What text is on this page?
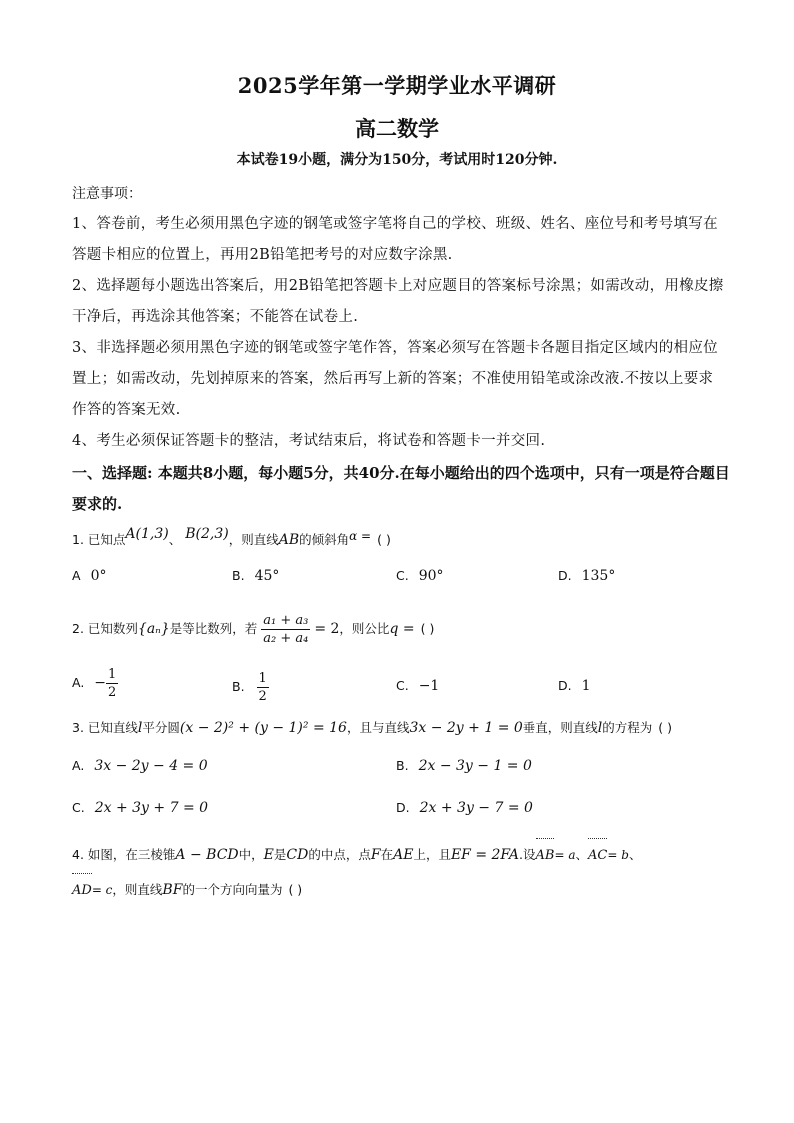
2025学年第一学期学业水平调研
高二数学
本试卷19小题，满分为150分，考试用时120分钟.
注意事项：
1、答卷前，考生必须用黑色字迹的钢笔或签字笔将自己的学校、班级、姓名、座位号和考号填写在答题卡相应的位置上，再用2B铅笔把考号的对应数字涂黑.
2、选择题每小题选出答案后，用2B铅笔把答题卡上对应题目的答案标号涂黑；如需改动，用橡皮擦干净后，再选涂其他答案；不能答在试卷上.
3、非选择题必须用黑色字迹的钢笔或签字笔作答，答案必须写在答题卡各题目指定区域内的相应位置上；如需改动，先划掉原来的答案，然后再写上新的答案；不准使用铅笔或涂改液.不按以上要求作答的答案无效.
4、考生必须保证答题卡的整洁，考试结束后，将试卷和答题卡一并交回.
一、选择题: 本题共8小题，每小题5分，共40分.在每小题给出的四个选项中，只有一项是符合题目要求的.
1. 已知点A(1,3)、 B(2,3)，则直线AB的倾斜角α = ( )
A 0°	B. 45°	C. 90°	D. 135°
2. 已知数列{aₙ}是等比数列，若 $\frac{\text{a₁ + a₃}}{\text{a₂ + a₄}} = 2$，则公比q = ( )
A. − $\frac{1}{2}$	B. $\frac{1}{2}$	C. −1	D. 1
3. 已知直线l平分圆(x − 2)² + (y − 1)² = 16，且与直线3x − 2y + 1 = 0垂直，则直线l的方程为 ( )
A. 3x − 2y − 4 = 0	B. 2x − 3y − 1 = 0
C. 2x + 3y + 7 = 0	D. 2x + 3y − 7 = 0
4. 如图，在三棱锥A − BCD中，E是CD的中点，点F在AE上，且EF = 2FA.设AB= a、AC= b、
AD= c，则直线BF的一个方向向量为 ( )
